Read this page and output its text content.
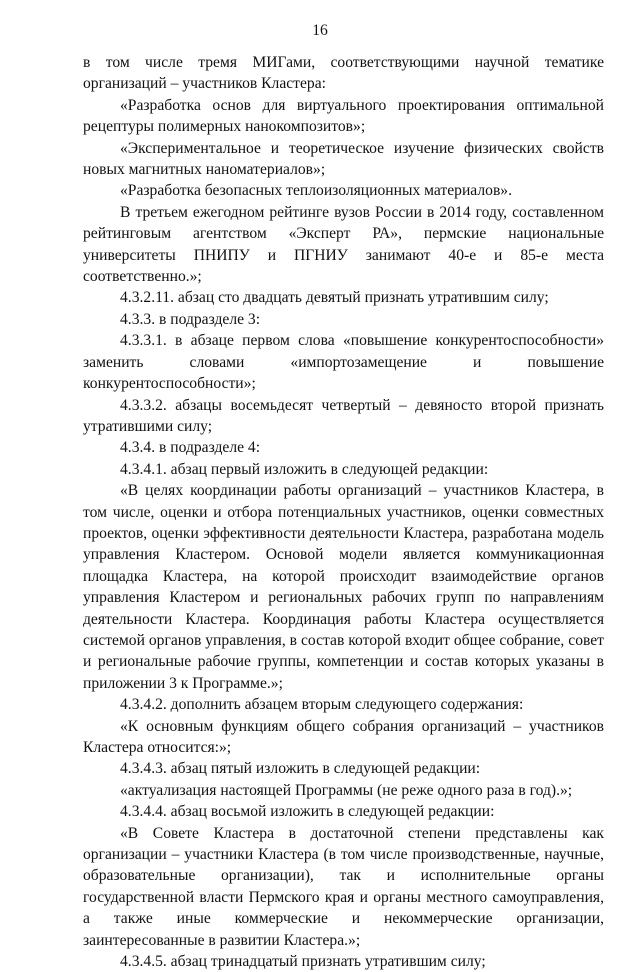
16

в том числе тремя МИГами, соответствующими научной тематике организаций – участников Кластера:

«Разработка основ для виртуального проектирования оптимальной рецептуры полимерных нанокомпозитов»;

«Экспериментальное и теоретическое изучение физических свойств новых магнитных наноматериалов»;

«Разработка безопасных теплоизоляционных материалов».

В третьем ежегодном рейтинге вузов России в 2014 году, составленном рейтинговым агентством «Эксперт РА», пермские национальные университеты ПНИПУ и ПГНИУ занимают 40-е и 85-е места соответственно.»;

4.3.2.11. абзац сто двадцать девятый признать утратившим силу;

4.3.3. в подразделе 3:

4.3.3.1. в абзаце первом слова «повышение конкурентоспособности» заменить словами «импортозамещение и повышение конкурентоспособности»;

4.3.3.2. абзацы восемьдесят четвертый – девяносто второй признать утратившими силу;

4.3.4. в подразделе 4:

4.3.4.1. абзац первый изложить в следующей редакции:

«В целях координации работы организаций – участников Кластера, в том числе, оценки и отбора потенциальных участников, оценки совместных проектов, оценки эффективности деятельности Кластера, разработана модель управления Кластером. Основой модели является коммуникационная площадка Кластера, на которой происходит взаимодействие органов управления Кластером и региональных рабочих групп по направлениям деятельности Кластера. Координация работы Кластера осуществляется системой органов управления, в состав которой входит общее собрание, совет и региональные рабочие группы, компетенции и состав которых указаны в приложении 3 к Программе.»;

4.3.4.2. дополнить абзацем вторым следующего содержания:

«К основным функциям общего собрания организаций – участников Кластера относится:»;

4.3.4.3. абзац пятый изложить в следующей редакции:

«актуализация настоящей Программы (не реже одного раза в год).»;

4.3.4.4. абзац восьмой изложить в следующей редакции:

«В Совете Кластера в достаточной степени представлены как организации – участники Кластера (в том числе производственные, научные, образовательные организации), так и исполнительные органы государственной власти Пермского края и органы местного самоуправления, а также иные коммерческие и некоммерческие организации, заинтересованные в развитии Кластера.»;

4.3.4.5. абзац тринадцатый признать утратившим силу;
